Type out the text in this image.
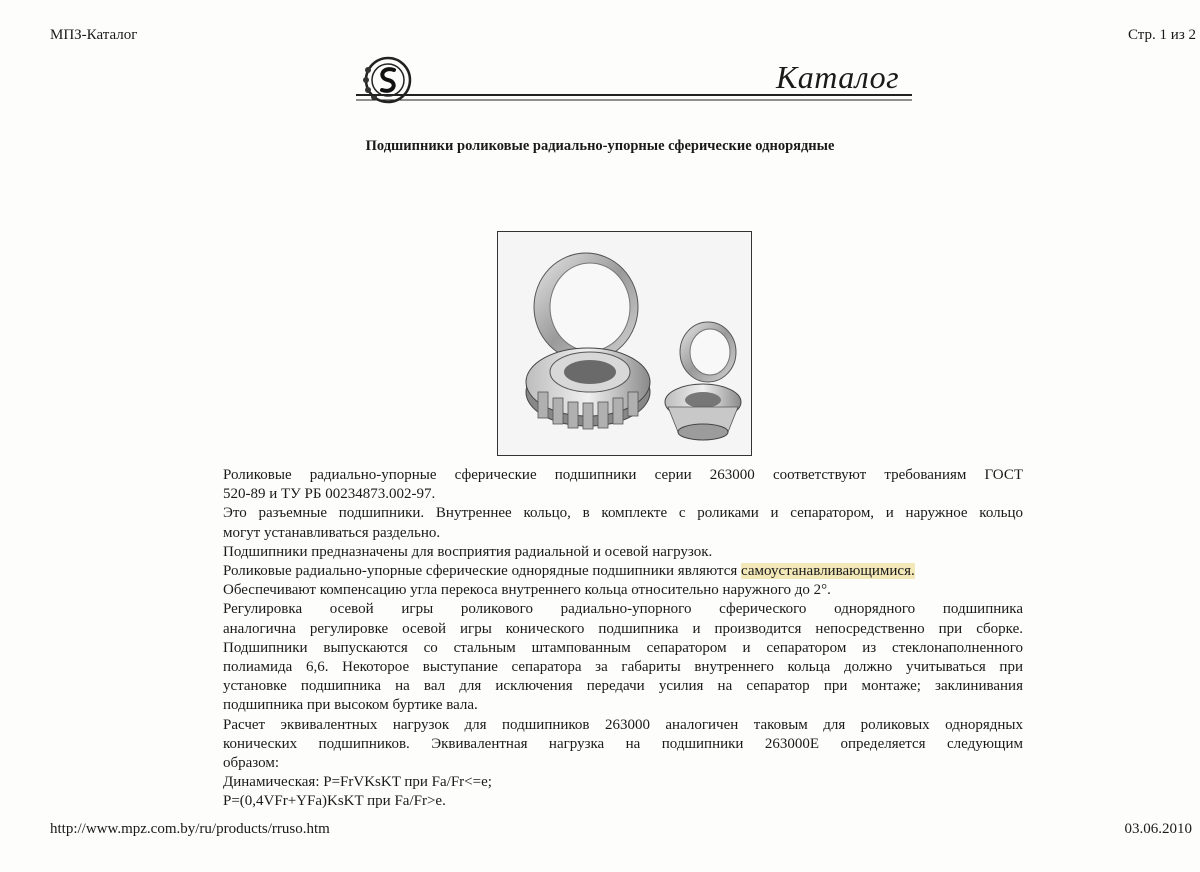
МПЗ-Каталог	Стр. 1 из 2
Каталог
Подшипники роликовые радиально-упорные сферические однорядные

Роликовые радиально-упорные сферические подшипники серии 263000 соответствуют требованиям ГОСТ

520-89 и ТУ РБ 00234873.002-97.

Это разъемные подшипники. Внутреннее кольцо, в комплекте с роликами и сепаратором, и наружное кольцо

могут устанавливаться раздельно.

Подшипники предназначены для восприятия радиальной и осевой нагрузок.

Роликовые радиально-упорные сферические однорядные подшипники являются самоустанавливающимися.

Обеспечивают компенсацию угла перекоса внутреннего кольца относительно наружного до 2°.

Регулировка осевой игры роликового радиально-упорного сферического однорядного подшипника

аналогична регулировке осевой игры конического подшипника и производится непосредственно при сборке.

Подшипники выпускаются со стальным штампованным сепаратором и сепаратором из стеклонаполненного

полиамида 6,6. Некоторое выступание сепаратора за габариты внутреннего кольца должно учитываться при

установке подшипника на вал для исключения передачи усилия на сепаратор при монтаже; заклинивания

подшипника при высоком буртике вала.

Расчет эквивалентных нагрузок для подшипников 263000 аналогичен таковым для роликовых однорядных

конических подшипников. Эквивалентная нагрузка на подшипники 263000Е определяется следующим

образом:

Динамическая: P=FrVKsKT при Fa/Fr<=e;

P=(0,4VFr+YFa)KsKT при Fa/Fr>e.

http://www.mpz.com.by/ru/products/rruso.htm	03.06.2010
